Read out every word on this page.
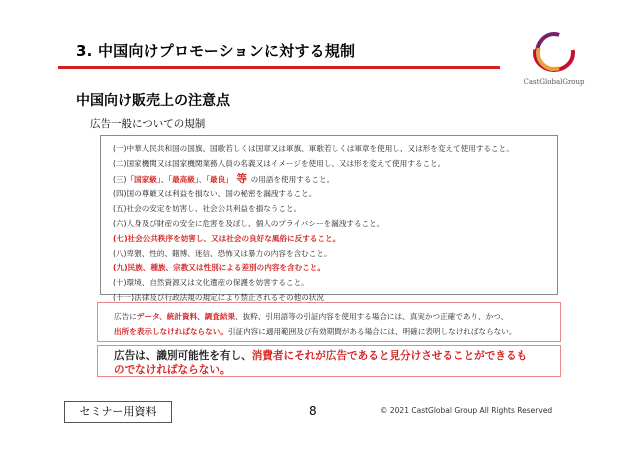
3. 中国向けプロモーションに対する規制
CastGlobalGroup
中国向け販売上の注意点
広告一般についての規制
(一)中華人民共和国の国旗、国歌若しくは国章又は軍旗、軍歌若しくは軍章を使用し、又は形を変えて使用すること。
(二)国家機関又は国家機関業務人員の名義又はイメージを使用し、又は形を変えて使用すること。
(三)「国家級」、「最高級」、「最良」 等 の用語を使用すること。
(四)国の尊厳又は利益を損ない、国の秘密を漏洩すること。
(五)社会の安定を妨害し、社会公共利益を損なうこと。
(六)人身及び財産の安全に危害を及ぼし、個人のプライバシーを漏洩すること。
(七)社会公共秩序を妨害し、又は社会の良好な風俗に反すること。
(八)卑猥、性的、賭博、迷信、恐怖又は暴力の内容を含むこと。
(九)民族、種族、宗教又は性別による差別の内容を含むこと。
(十)環境、自然資源又は文化遺産の保護を妨害すること。
(十一)法律及び行政法規の規定により禁止されるその他の状況
広告にデータ、統計資料、調査結果、抜粋、引用語等の引証内容を使用する場合には、真実かつ正確であり、かつ、
出所を表示しなければならない。引証内容に適用範囲及び有効期間がある場合には、明確に表明しなければならない。
広告は、識別可能性を有し、消費者にそれが広告であると見分けさせることができるも
のでなければならない。
セミナー用資料	8	© 2021 CastGlobal Group All Rights Reserved
